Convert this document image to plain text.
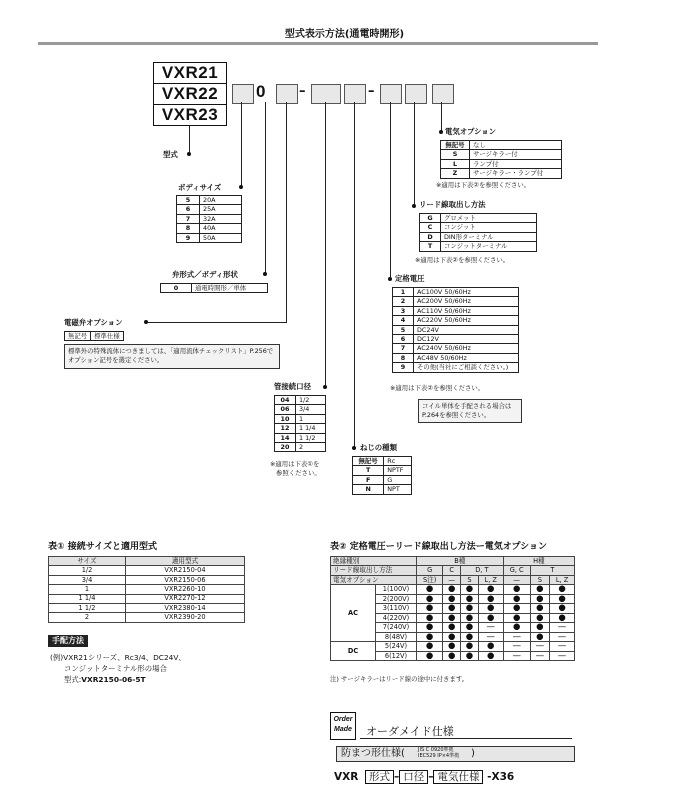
型式表示方法(通電時開形)
VXR21
VXR22
VXR23
0	–	–
型式
ボディサイズ
5	20A
6	25A
7	32A
8	40A
9	50A
弁形式／ボディ形状
0	通電時開形／単体
電磁弁オプション
無記号	標準仕様
標準外の特殊流体につきましては、「適用流体チェックリスト」P.256でオプション記号を選定ください。
管接続口径
04	1/2
06	3/4
10	1
12	1 1/4
14	1 1/2
20	2
※適用は下表①を
参照ください。
ねじの種類
無記号	Rc
T	NPTF
F	G
N	NPT
定格電圧
1	AC100V 50/60Hz
2	AC200V 50/60Hz
3	AC110V 50/60Hz
4	AC220V 50/60Hz
5	DC24V
6	DC12V
7	AC240V 50/60Hz
8	AC48V 50/60Hz
9	その他(当社にご相談ください。)
※適用は下表②を参照ください。
コイル単体を手配される場合は P.264を参照ください。
リード線取出し方法
G	グロメット
C	コンジット
D	DIN形ターミナル
T	コンジットターミナル
※適用は下表②を参照ください。
電気オプション
無記号	なし
S	サージキラー付
L	ランプ付
Z	サージキラー・ランプ付
※適用は下表②を参照ください。
表① 接続サイズと適用型式
サイズ	適用型式
1/2	VXR2150-04
3/4	VXR2150-06
1	VXR2260-10
1 1/4	VXR2270-12
1 1/2	VXR2380-14
2	VXR2390-20
手配方法
(例)VXR21シリーズ、Rc3/4、DC24V、
コンジットターミナル形の場合
型式:VXR2150-06-5T
表② 定格電圧ーリード線取出し方法ー電気オプション
絶縁種別		B種				H種		
リード線取出し方法		G	C	D, T		G, C	T	
電気オプション		S注)	—	S	L, Z	—	S	L, Z
AC	1(100V)	●	●	●	●	●	●	●
	2(200V)	●	●	●	●	●	●	●
	3(110V)	●	●	●	●	●	●	●
	4(220V)	●	●	●	●	●	●	●
	7(240V)	●	●	●	—	●	●	—
	8(48V)	●	●	●	—	—	●	—
DC	5(24V)	●	●	●	●	—	—	—
	6(12V)	●	●	●	●	—	—	—
注) サージキラーはリード線の途中に付きます。
Order
Made オーダメイド仕様
防まつ形仕様(	JIS C 0920準拠
IEC529 IP×4準拠 )
VXR 形式 – 口径 – 電気仕様 -X36
